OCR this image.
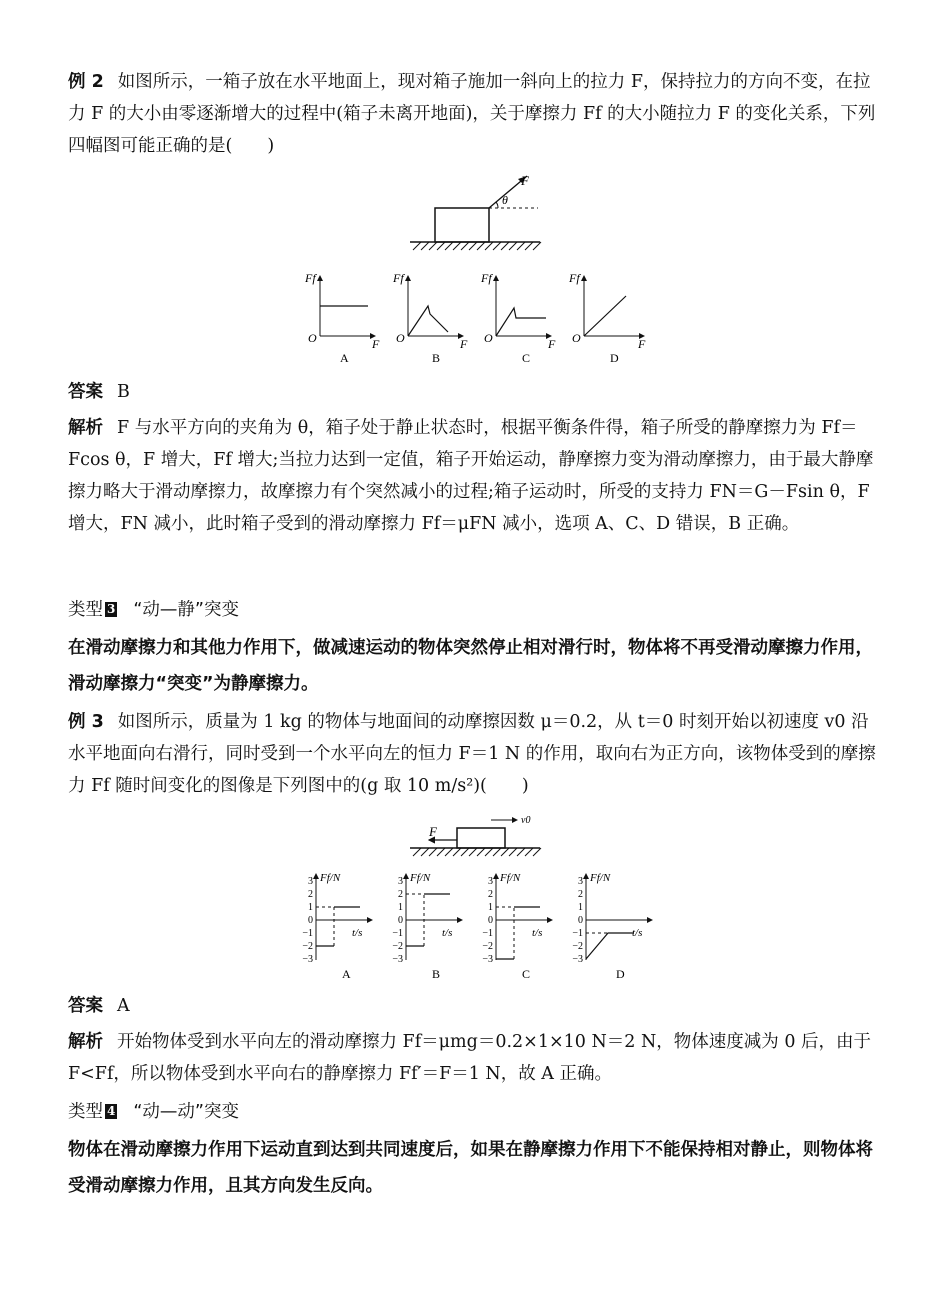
例 2 如图所示，一箱子放在水平地面上，现对箱子施加一斜向上的拉力 F，保持拉力的方向不变，在拉力 F 的大小由零逐渐增大的过程中(箱子未离开地面)，关于摩擦力 Ff 的大小随拉力 F 的变化关系，下列四幅图可能正确的是(　　)
θ
F
Ff
O	F
A
Ff
O	F
B
Ff
O	F
C
Ff
O	F
D
答案 B
解析 F 与水平方向的夹角为 θ，箱子处于静止状态时，根据平衡条件得，箱子所受的静摩擦力为 Ff＝Fcos θ，F 增大，Ff 增大;当拉力达到一定值，箱子开始运动，静摩擦力变为滑动摩擦力，由于最大静摩擦力略大于滑动摩擦力，故摩擦力有个突然减小的过程;箱子运动时，所受的支持力 FN＝G－Fsin θ，F 增大，FN 减小，此时箱子受到的滑动摩擦力 Ff＝μFN 减小，选项 A、C、D 错误，B 正确。
类型 3 “动—静”突变
在滑动摩擦力和其他力作用下，做减速运动的物体突然停止相对滑行时，物体将不再受滑动摩擦力作用，滑动摩擦力“突变”为静摩擦力。
例 3 如图所示，质量为 1 kg 的物体与地面间的动摩擦因数 μ＝0.2，从 t＝0 时刻开始以初速度 v0 沿水平地面向右滑行，同时受到一个水平向左的恒力 F＝1 N 的作用，取向右为正方向，该物体受到的摩擦力 Ff 随时间变化的图像是下列图中的(g 取 10 m/s²)(　　)
F
v0
Ff/N
t/s
3
2
1
0
−1
−2
−3
A
Ff/N
t/s
3
2
1
0
−1
−2
−3
B
Ff/N
t/s
3
2
1
0
−1
−2
−3
C
Ff/N
t/s
3
2
1
0
−1
−2
−3
D
答案 A
解析 开始物体受到水平向左的滑动摩擦力 Ff＝μmg＝0.2×1×10 N＝2 N，物体速度减为 0 后，由于 F<Ff，所以物体受到水平向右的静摩擦力 Ff′＝F＝1 N，故 A 正确。
类型 4 “动—动”突变
物体在滑动摩擦力作用下运动直到达到共同速度后，如果在静摩擦力作用下不能保持相对静止，则物体将受滑动摩擦力作用，且其方向发生反向。
